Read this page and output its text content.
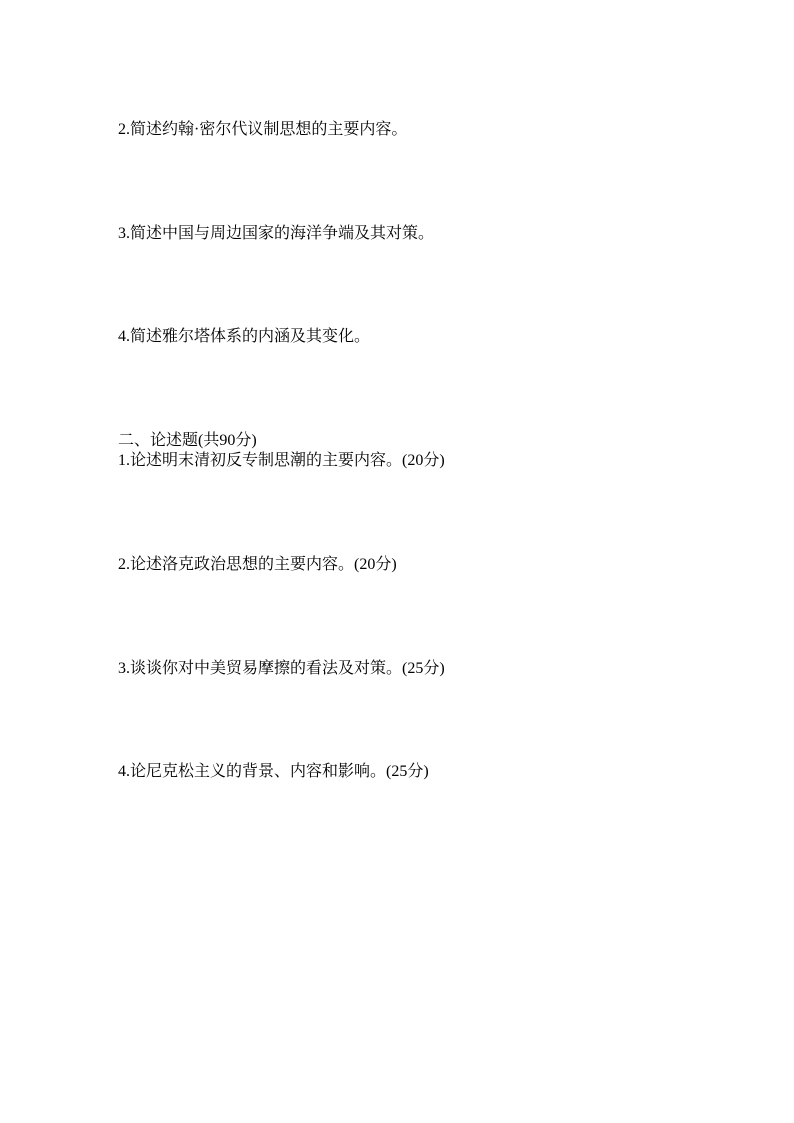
2.简述约翰·密尔代议制思想的主要内容。

3.简述中国与周边国家的海洋争端及其对策。

4.简述雅尔塔体系的内涵及其变化。

二、论述题(共90分)

1.论述明末清初反专制思潮的主要内容。(20分)

2.论述洛克政治思想的主要内容。(20分)

3.谈谈你对中美贸易摩擦的看法及对策。(25分)

4.论尼克松主义的背景、内容和影响。(25分)
